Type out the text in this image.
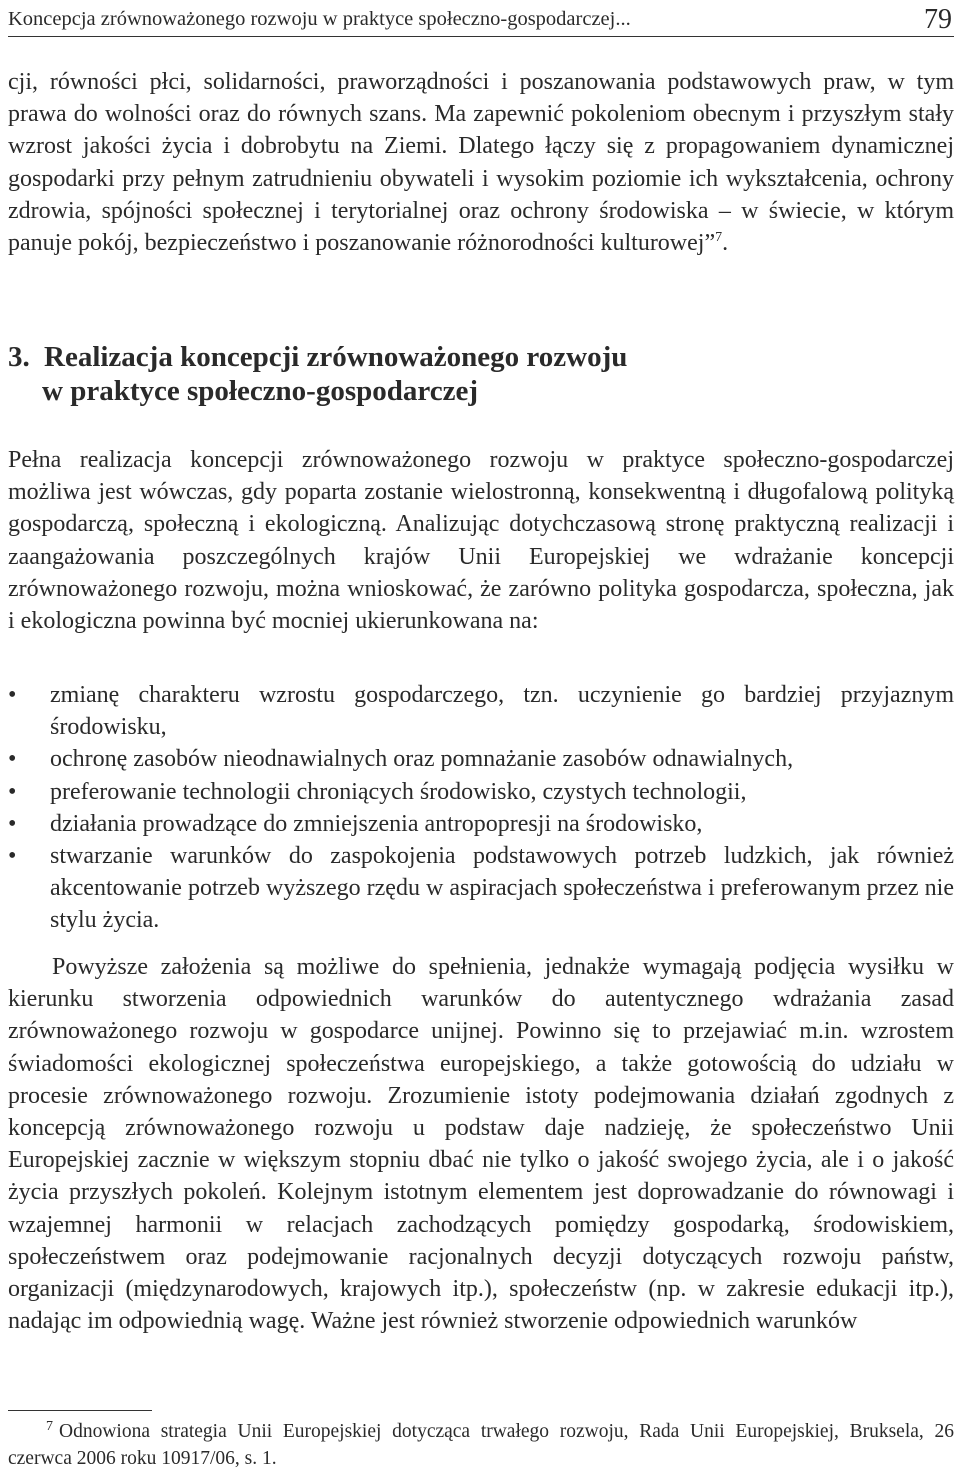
Koncepcja zrównoważonego rozwoju w praktyce społeczno-gospodarczej...	79

cji, równości płci, solidarności, praworządności i poszanowania podstawowych praw, w tym prawa do wolności oraz do równych szans. Ma zapewnić pokoleniom obecnym i przyszłym stały wzrost jakości życia i dobrobytu na Ziemi. Dlatego łączy się z propagowaniem dynamicznej gospodarki przy pełnym zatrudnieniu obywateli i wysokim poziomie ich wykształcenia, ochrony zdrowia, spójności społecznej i terytorialnej oraz ochrony środowiska – w świecie, w którym panuje pokój, bezpieczeństwo i poszanowanie różnorodności kulturowej”$^7$.

3. Realizacja koncepcji zrównoważonego rozwoju
w praktyce społeczno-gospodarczej

Pełna realizacja koncepcji zrównoważonego rozwoju w praktyce społeczno-gospodarczej możliwa jest wówczas, gdy poparta zostanie wielostronną, konsekwentną i długofalową polityką gospodarczą, społeczną i ekologiczną. Analizując dotychczasową stronę praktyczną realizacji i zaangażowania poszczególnych krajów Unii Europejskiej we wdrażanie koncepcji zrównoważonego rozwoju, można wnioskować, że zarówno polityka gospodarcza, społeczna, jak i ekologiczna powinna być mocniej ukierunkowana na:

• zmianę charakteru wzrostu gospodarczego, tzn. uczynienie go bardziej przyjaznym środowisku,
• ochronę zasobów nieodnawialnych oraz pomnażanie zasobów odnawialnych,
• preferowanie technologii chroniących środowisko, czystych technologii,
• działania prowadzące do zmniejszenia antropopresji na środowisko,
• stwarzanie warunków do zaspokojenia podstawowych potrzeb ludzkich, jak również akcentowanie potrzeb wyższego rzędu w aspiracjach społeczeństwa i preferowanym przez nie stylu życia.

Powyższe założenia są możliwe do spełnienia, jednakże wymagają podjęcia wysiłku w kierunku stworzenia odpowiednich warunków do autentycznego wdrażania zasad zrównoważonego rozwoju w gospodarce unijnej. Powinno się to przejawiać m.in. wzrostem świadomości ekologicznej społeczeństwa europejskiego, a także gotowością do udziału w procesie zrównoważonego rozwoju. Zrozumienie istoty podejmowania działań zgodnych z koncepcją zrównoważonego rozwoju u podstaw daje nadzieję, że społeczeństwo Unii Europejskiej zacznie w większym stopniu dbać nie tylko o jakość swojego życia, ale i o jakość życia przyszłych pokoleń. Kolejnym istotnym elementem jest doprowadzanie do równowagi i wzajemnej harmonii w relacjach zachodzących pomiędzy gospodarką, środowiskiem, społeczeństwem oraz podejmowanie racjonalnych decyzji dotyczących rozwoju państw, organizacji (międzynarodowych, krajowych itp.), społeczeństw (np. w zakresie edukacji itp.), nadając im odpowiednią wagę. Ważne jest również stworzenie odpowiednich warunków

$^7$ Odnowiona strategia Unii Europejskiej dotycząca trwałego rozwoju, Rada Unii Europejskiej, Bruksela, 26 czerwca 2006 roku 10917/06, s. 1.
